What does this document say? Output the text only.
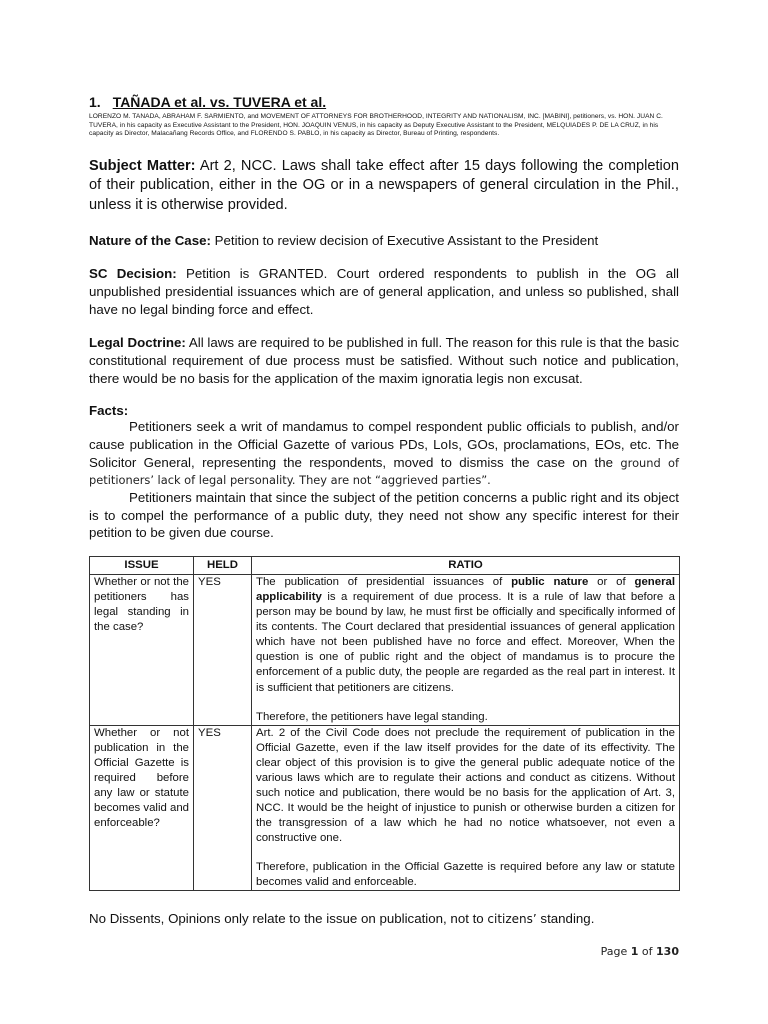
1. TAÑADA et al. vs. TUVERA et al.

LORENZO M. TANADA, ABRAHAM F. SARMIENTO, and MOVEMENT OF ATTORNEYS FOR BROTHERHOOD, INTEGRITY AND NATIONALISM, INC. [MABINI], petitioners, vs. HON. JUAN C. TUVERA, in his capacity as Executive Assistant to the President, HON. JOAQUIN VENUS, in his capacity as Deputy Executive Assistant to the President, MELQUIADES P. DE LA CRUZ, in his capacity as Director, Malacañang Records Office, and FLORENDO S. PABLO, in his capacity as Director, Bureau of Printing, respondents.

Subject Matter: Art 2, NCC. Laws shall take effect after 15 days following the completion of their publication, either in the OG or in a newspapers of general circulation in the Phil., unless it is otherwise provided.

Nature of the Case: Petition to review decision of Executive Assistant to the President

SC Decision: Petition is GRANTED. Court ordered respondents to publish in the OG all unpublished presidential issuances which are of general application, and unless so published, shall have no legal binding force and effect.

Legal Doctrine: All laws are required to be published in full. The reason for this rule is that the basic constitutional requirement of due process must be satisfied. Without such notice and publication, there would be no basis for the application of the maxim ignoratia legis non excusat.

Facts:

Petitioners seek a writ of mandamus to compel respondent public officials to publish, and/or cause publication in the Official Gazette of various PDs, LoIs, GOs, proclamations, EOs, etc. The Solicitor General, representing the respondents, moved to dismiss the case on the ground of petitioners’ lack of legal personality. They are not “aggrieved parties”.

Petitioners maintain that since the subject of the petition concerns a public right and its object is to compel the performance of a public duty, they need not show any specific interest for their petition to be given due course.

ISSUE	HELD	RATIO
Whether or not the petitioners has legal standing in the case?	YES	The publication of presidential issuances of public nature or of general applicability is a requirement of due process. It is a rule of law that before a person may be bound by law, he must first be officially and specifically informed of its contents. The Court declared that presidential issuances of general application which have not been published have no force and effect. Moreover, When the question is one of public right and the object of mandamus is to procure the enforcement of a public duty, the people are regarded as the real part in interest. It is sufficient that petitioners are citizens.
Therefore, the petitioners have legal standing.

Whether or not publication in the Official Gazette is required before any law or statute becomes valid and enforceable?	YES	Art. 2 of the Civil Code does not preclude the requirement of publication in the Official Gazette, even if the law itself provides for the date of its effectivity. The clear object of this provision is to give the general public adequate notice of the various laws which are to regulate their actions and conduct as citizens. Without such notice and publication, there would be no basis for the application of Art. 3, NCC. It would be the height of injustice to punish or otherwise burden a citizen for the transgression of a law which he had no notice whatsoever, not even a constructive one.
Therefore, publication in the Official Gazette is required before any law or statute becomes valid and enforceable.
No Dissents, Opinions only relate to the issue on publication, not to citizens’ standing.
Page 1 of 130
